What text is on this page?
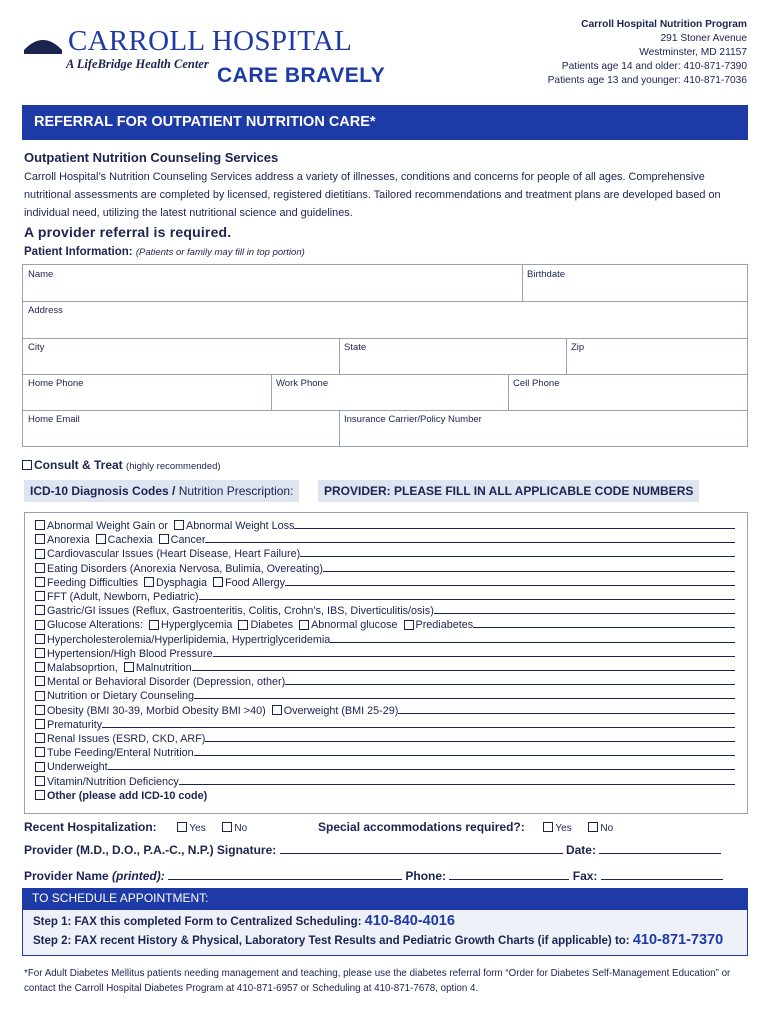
CARROLL HOSPITAL
A LifeBridge Health Center CARE BRAVELY
Carroll Hospital Nutrition Program
291 Stoner Avenue
Westminster, MD 21157
Patients age 14 and older: 410-871-7390
Patients age 13 and younger: 410-871-7036
REFERRAL FOR OUTPATIENT NUTRITION CARE*
Outpatient Nutrition Counseling Services
Carroll Hospital’s Nutrition Counseling Services address a variety of illnesses, conditions and concerns for people of all ages. Comprehensive nutritional assessments are completed by licensed, registered dietitians. Tailored recommendations and treatment plans are developed based on individual need, utilizing the latest nutritional science and guidelines.
A provider referral is required.
Patient Information: (Patients or family may fill in top portion)
Name	Birthdate
Address
City	State	Zip
Home Phone	Work Phone	Cell Phone
Home Email	Insurance Carrier/Policy Number
Consult & Treat (highly recommended)
ICD-10 Diagnosis Codes / Nutrition Prescription:	PROVIDER: PLEASE FILL IN ALL APPLICABLE CODE NUMBERS
Abnormal Weight Gain or Abnormal Weight Loss
Anorexia Cachexia Cancer
Cardiovascular Issues (Heart Disease, Heart Failure)
Eating Disorders (Anorexia Nervosa, Bulimia, Overeating)
Feeding Difficulties Dysphagia Food Allergy
FFT (Adult, Newborn, Pediatric)
Gastric/GI issues (Reflux, Gastroenteritis, Colitis, Crohn’s, IBS, Diverticulitis/osis)
Glucose Alterations: Hyperglycemia Diabetes Abnormal glucose Prediabetes
Hypercholesterolemia/Hyperlipidemia, Hypertriglyceridemia
Hypertension/High Blood Pressure
Malabsoprtion, Malnutrition
Mental or Behavioral Disorder (Depression, other)
Nutrition or Dietary Counseling
Obesity (BMI 30-39, Morbid Obesity BMI >40) Overweight (BMI 25-29)
Prematurity
Renal Issues (ESRD, CKD, ARF)
Tube Feeding/Enteral Nutrition
Underweight
Vitamin/Nutrition Deficiency
Other (please add ICD-10 code)
Recent Hospitalization:	Yes	No	Special accommodations required?:	Yes	No
Provider (M.D., D.O., P.A.-C., N.P.) Signature:	Date:
Provider Name (printed):	Phone:	Fax:
TO SCHEDULE APPOINTMENT:
Step 1: FAX this completed Form to Centralized Scheduling: 410-840-4016
Step 2: FAX recent History & Physical, Laboratory Test Results and Pediatric Growth Charts (if applicable) to: 410-871-7370
*For Adult Diabetes Mellitus patients needing management and teaching, please use the diabetes referral form “Order for Diabetes Self-Management Education” or contact the Carroll Hospital Diabetes Program at 410-871-6957 or Scheduling at 410-871-7678, option 4.
